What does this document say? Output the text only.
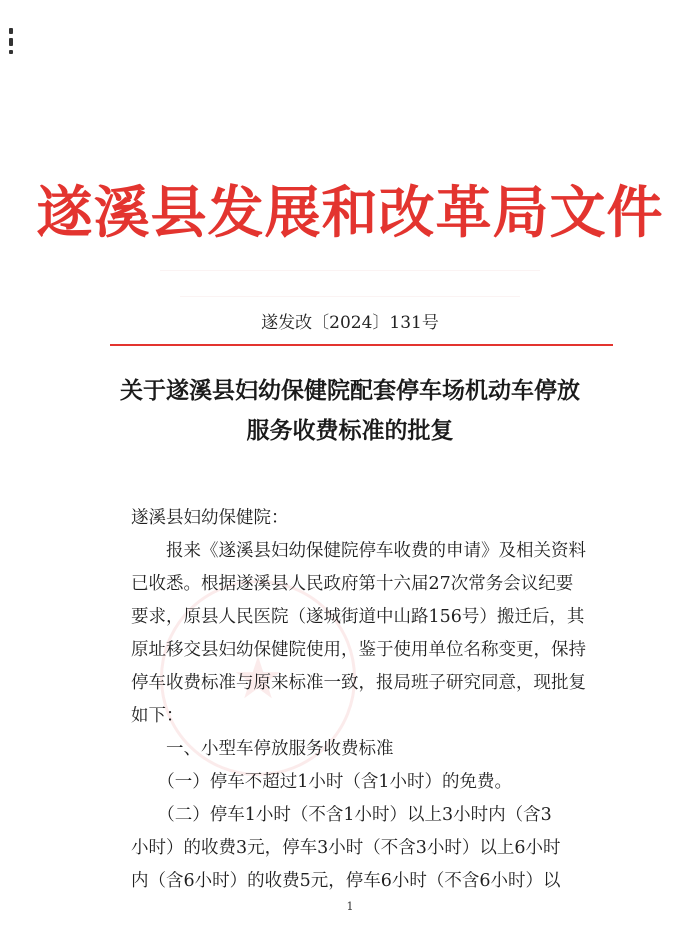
★
遂溪县发展和改革局文件
遂发改〔2024〕131号
关于遂溪县妇幼保健院配套停车场机动车停放
服务收费标准的批复
遂溪县妇幼保健院：
　　报来《遂溪县妇幼保健院停车收费的申请》及相关资料
已收悉。根据遂溪县人民政府第十六届27次常务会议纪要
要求，原县人民医院（遂城街道中山路156号）搬迁后，其
原址移交县妇幼保健院使用，鉴于使用单位名称变更，保持
停车收费标准与原来标准一致，报局班子研究同意，现批复
如下：
　　一、小型车停放服务收费标准
　　（一）停车不超过1小时（含1小时）的免费。
　　（二）停车1小时（不含1小时）以上3小时内（含3
小时）的收费3元，停车3小时（不含3小时）以上6小时
内（含6小时）的收费5元，停车6小时（不含6小时）以
1
